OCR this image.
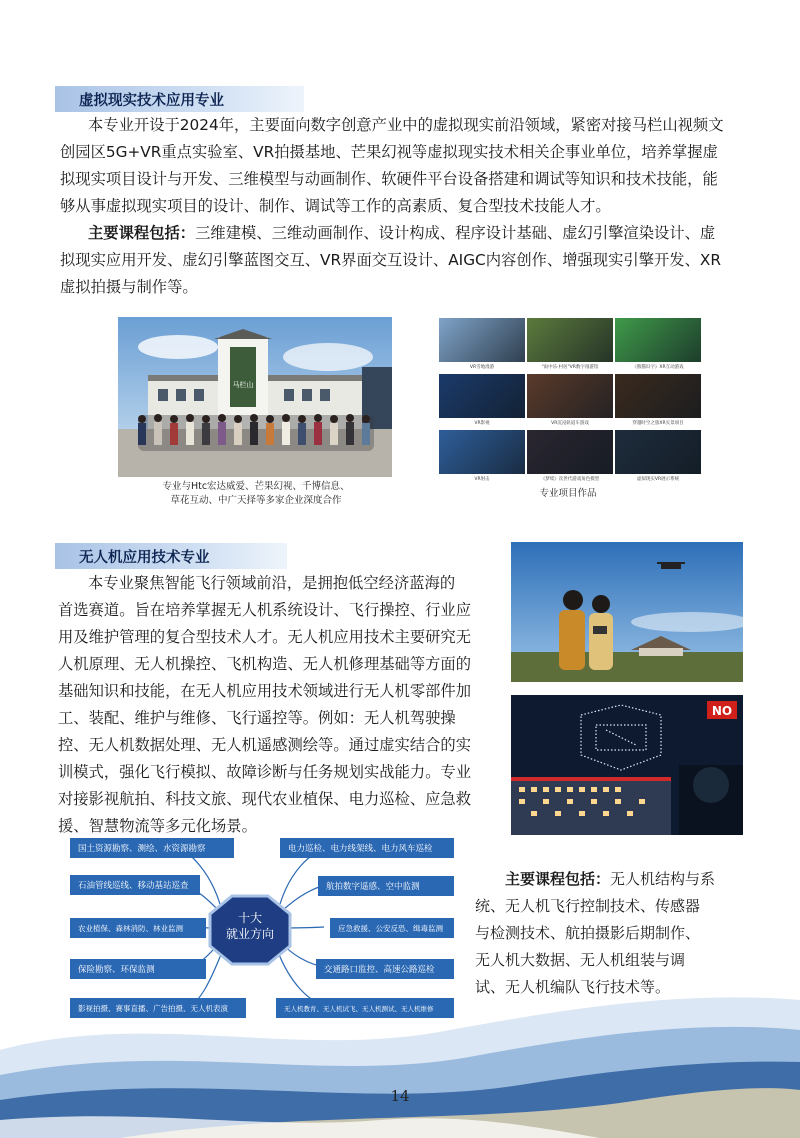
虚拟现实技术应用专业
本专业开设于2024年，主要面向数字创意产业中的虚拟现实前沿领域，紧密对接马栏山视频文
创园区5G+VR重点实验室、VR拍摄基地、芒果幻视等虚拟现实技术相关企事业单位，培养掌握虚
拟现实项目设计与开发、三维模型与动画制作、软硬件平台设备搭建和调试等知识和技术技能，能
够从事虚拟现实项目的设计、制作、调试等工作的高素质、复合型技术技能人才。
主要课程包括：三维建模、三维动画制作、设计构成、程序设计基础、虚幻引擎渲染设计、虚
拟现实应用开发、虚幻引擎蓝图交互、VR界面交互设计、AIGC内容创作、增强现实引擎开发、XR
虚拟拍摄与制作等。
马栏山
专业与Htc宏达威爱、芒果幻视、千博信息、
草花互动、中广天择等多家企业深度合作
VR雪地漫游	"雨中乐·村居"VR数字漫游馆	《熊猫识字》XR互动游戏
VR影视	VR沉浸轨道车游戏	穿越时空之旅XR实景项目
VR射击	《梦境》次世代游戏角色模型	虚拟现实VR展示系统
专业项目作品
无人机应用技术专业
本专业聚焦智能飞行领域前沿，是拥抱低空经济蓝海的
首选赛道。旨在培养掌握无人机系统设计、飞行操控、行业应
用及维护管理的复合型技术人才。无人机应用技术主要研究无
人机原理、无人机操控、飞机构造、无人机修理基础等方面的
基础知识和技能，在无人机应用技术领域进行无人机零部件加
工、装配、维护与维修、飞行遥控等。例如：无人机驾驶操
控、无人机数据处理、无人机遥感测绘等。通过虚实结合的实
训模式，强化飞行模拟、故障诊断与任务规划实战能力。专业
对接影视航拍、科技文旅、现代农业植保、电力巡检、应急救
援、智慧物流等多元化场景。
NO
十大
就业方向
国土资源勘察、测绘、水资源勘察
石油管线巡线、移动基站巡查
农业植保、森林消防、林业监测
保险勘察、环保监测
影视拍摄、赛事直播、广告拍摄、无人机表演
电力巡检、电力线架线、电力风车巡检
航拍数字遥感、空中监测
应急救援、公安反恐、缉毒监测
交通路口监控、高速公路巡检
无人机教育、无人机试飞、无人机测试、无人机维修
主要课程包括：无人机结构与系
统、无人机飞行控制技术、传感器
与检测技术、航拍摄影后期制作、
无人机大数据、无人机组装与调
试、无人机编队飞行技术等。
14
